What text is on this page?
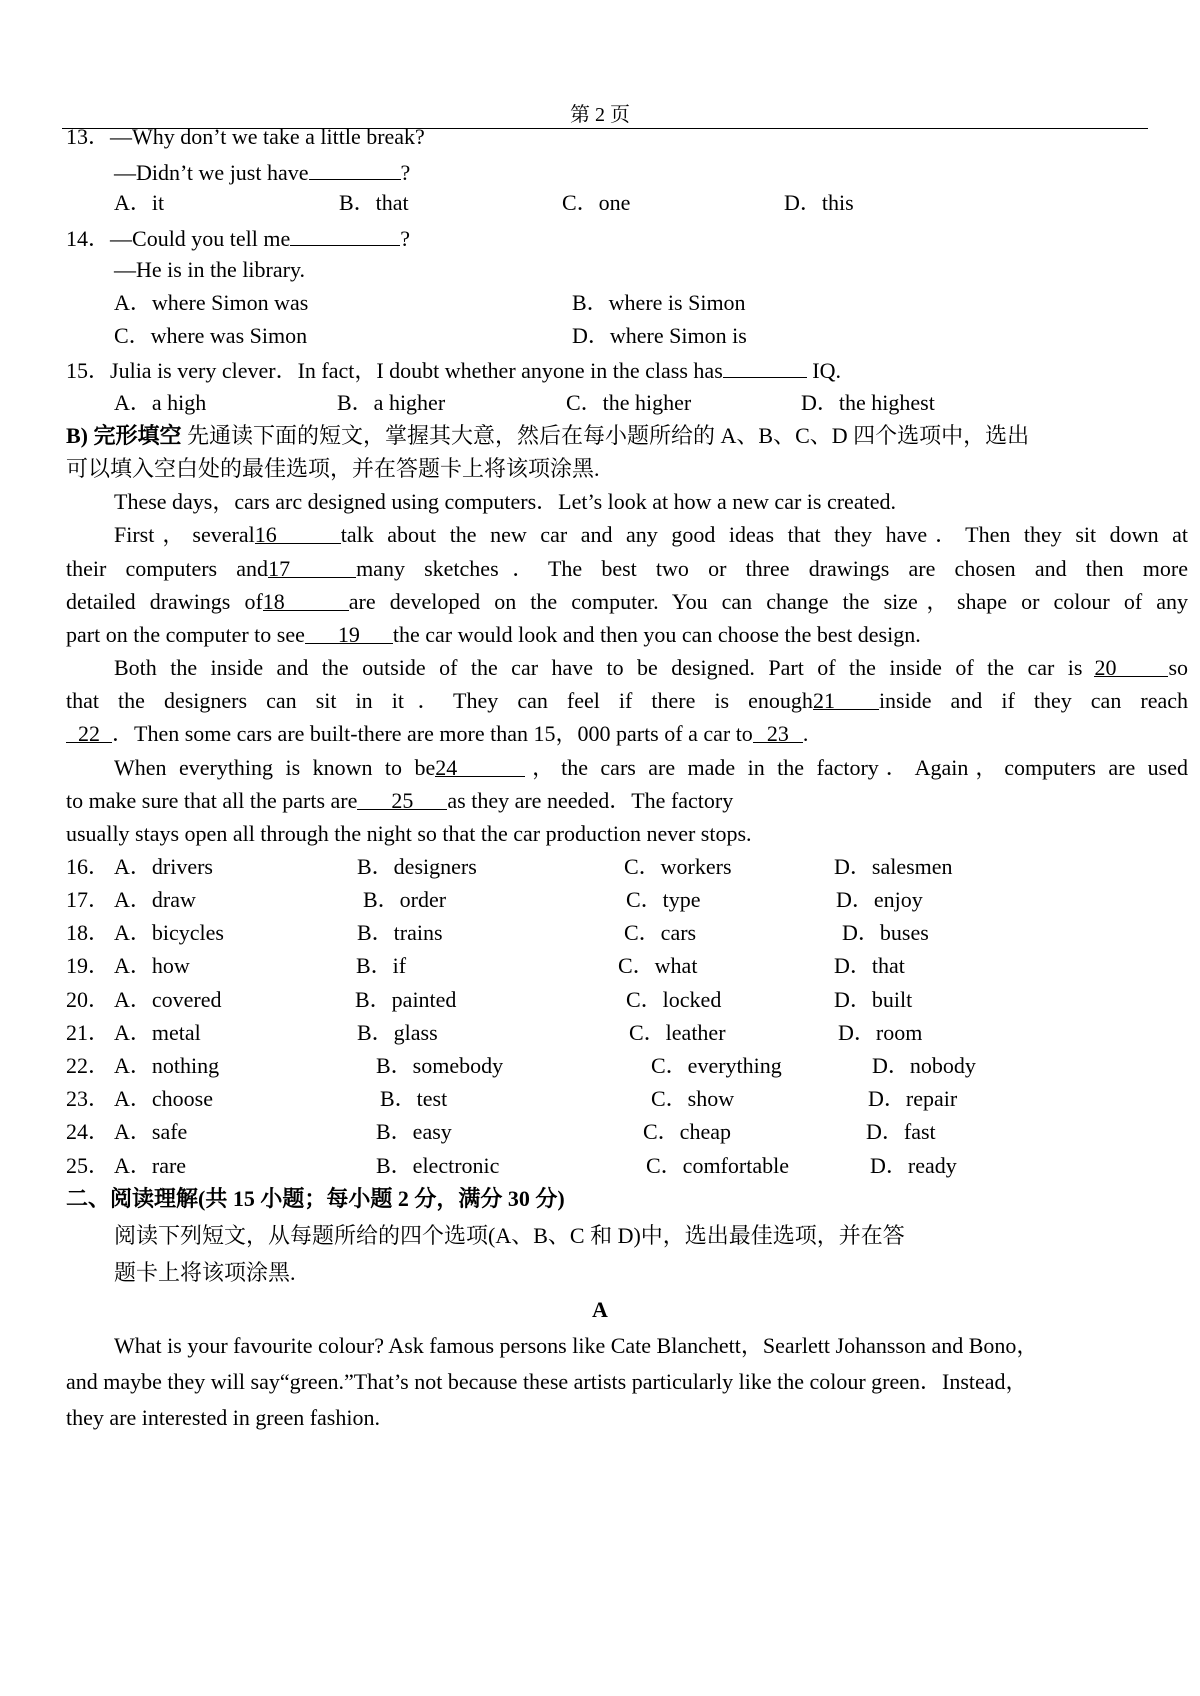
第 2 页
13．—Why don’t we take a little break?
—Didn’t we just have	?
A．it	B．that	C．one	D．this
14．—Could you tell me	?
—He is in the library.
A．where Simon was	B．where is Simon
C．where was Simon	D．where Simon is
15．Julia is very clever．In fact，I doubt whether anyone in the class has	IQ.
A．a high	B．a higher	C．the higher	D．the highest
B) 完形填空 先通读下面的短文，掌握其大意，然后在每小题所给的 A、B、C、D 四个选项中，选出
可以填入空白处的最佳选项，并在答题卡上将该项涂黑.
These days，cars arc designed using computers．Let’s look at how a new car is created.
First，several16	talk about the new car and any good ideas that they have．Then they sit down at
their computers and17	many sketches．The best two or three drawings are chosen and then more
detailed drawings of18	are developed on the computer. You can change the size，shape or colour of any
part on the computer to see 19 the car would look and then you can choose the best design.
Both the inside and the outside of the car have to be designed. Part of the inside of the car is 20 so
that the designers can sit in it．They can feel if there is enough21 inside and if they can reach
22 ．Then some cars are built-there are more than 15，000 parts of a car to 23 .
When everything is known to be24	，the cars are made in the factory．Again，computers are used
to make sure that all the parts are 25 as they are needed．The factory
usually stays open all through the night so that the car production never stops.
16． A．drivers	B．designers	C．workers	D．salesmen
17． A．draw	B．order	C．type	D．enjoy
18． A．bicycles	B．trains	C．cars	D．buses
19． A．how	B．if	C．what	D．that
20． A．covered	B．painted	C．locked	D．built
21． A．metal	B．glass	C．leather	D．room
22． A．nothing	B．somebody	C．everything	D．nobody
23． A．choose	B．test	C．show	D．repair
24． A．safe	B．easy	C．cheap	D．fast
25． A．rare	B．electronic	C．comfortable	D．ready
二、阅读理解(共 15 小题；每小题 2 分，满分 30 分)
阅读下列短文，从每题所给的四个选项(A、B、C 和 D)中，选出最佳选项，并在答
题卡上将该项涂黑.
A
What is your favourite colour? Ask famous persons like Cate Blanchett，Searlett Johansson and Bono，
and maybe they will say“green.”That’s not because these artists particularly like the colour green．Instead，
they are interested in green fashion.
